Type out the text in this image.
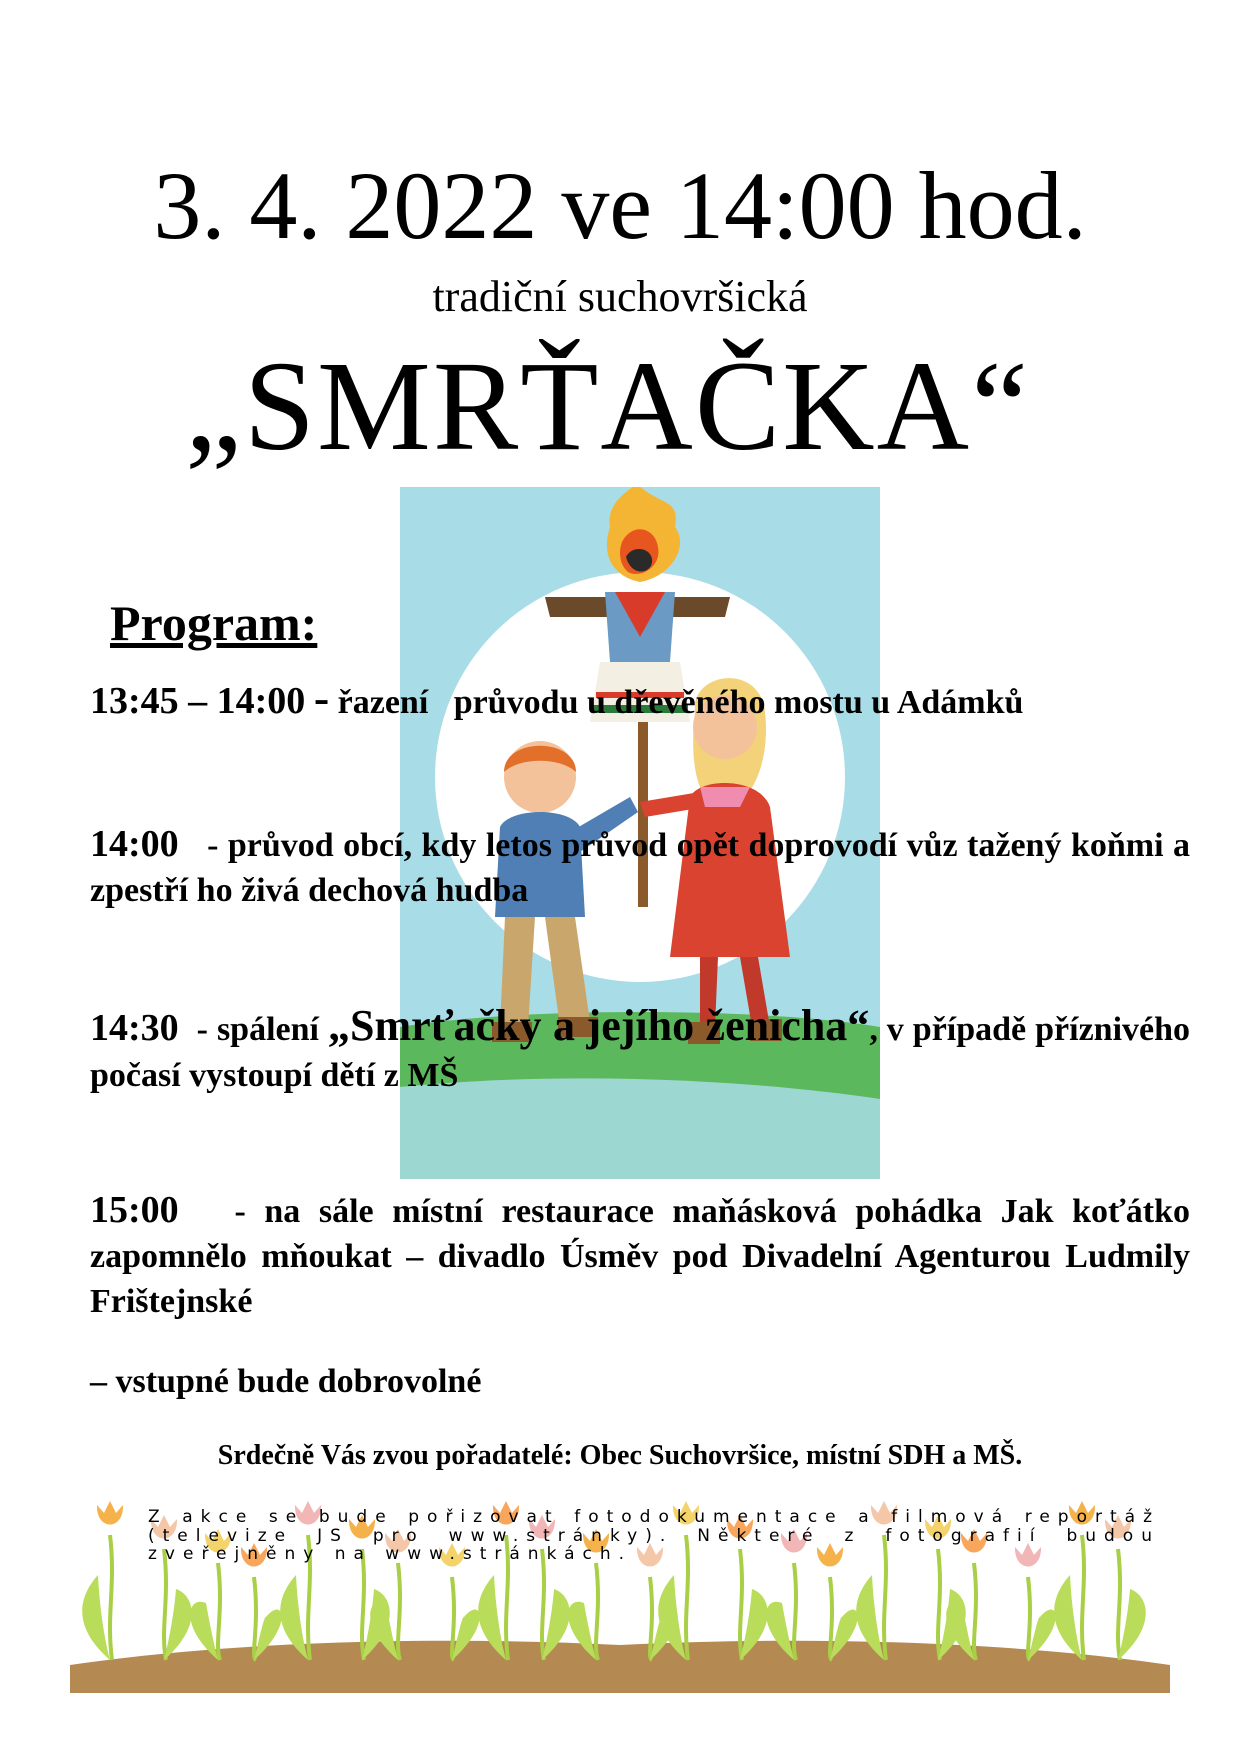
3. 4. 2022 ve 14:00 hod.
tradiční suchovršická
„SMRŤAČKA“
Program:
13:45 – 14:00 - řazení   průvodu u dřevěného mostu u Adámků
14:00 - průvod obcí, kdy letos průvod opět doprovodí vůz tažený koňmi a zpestří ho živá dechová hudba
14:30 - spálení „Smrťačky a jejího ženicha“, v případě příznivého počasí vystoupí dětí z MŠ
15:00 - na sále místní restaurace maňásková pohádka Jak koťátko zapomnělo mňoukat – divadlo Úsměv pod Divadelní Agenturou Ludmily Frištejnské
– vstupné bude dobrovolné
Srdečně Vás zvou pořadatelé: Obec Suchovršice, místní SDH a MŠ.
Z akce se bude pořizovat fotodokumentace a filmová reportáž (televize JS pro www.stránky). Některé z fotografií budou zveřejněny na www.stránkách.
